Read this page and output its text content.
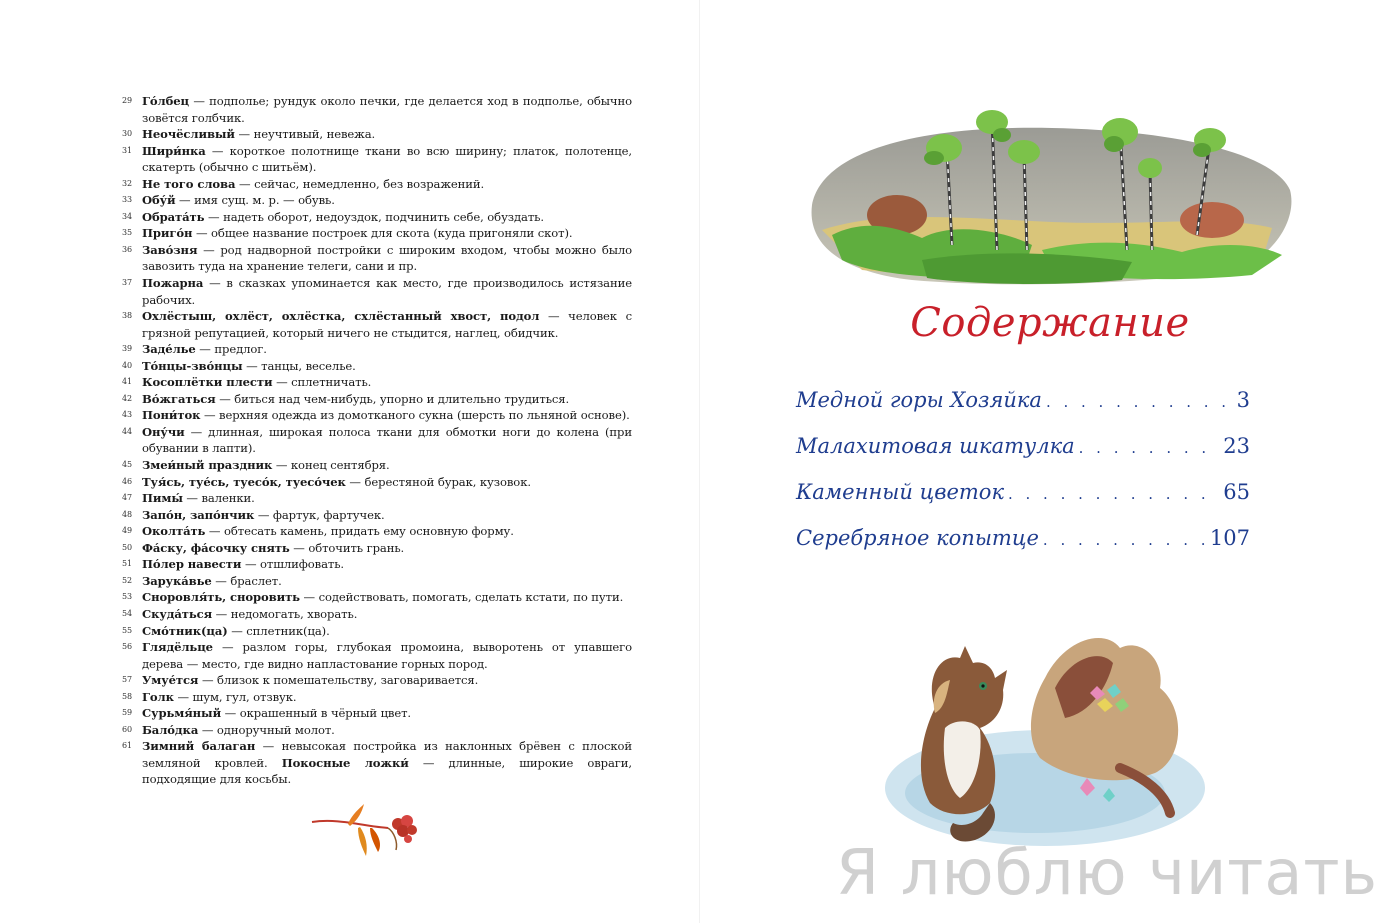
29 Го́лбец — подполье; рундук около печки, где делается ход в подполье, обычно зовётся голбчик.
30 Неочёсливый — неучтивый, невежа.
31 Шири́нка — короткое полотнище ткани во всю ширину; платок, полотенце, скатерть (обычно с шитьём).
32 Не того слова — сейчас, немедленно, без возражений.
33 Обу́й — имя сущ. м. р. — обувь.
34 Обрата́ть — надеть оборот, недоуздок, подчинить себе, обуздать.
35 Приго́н — общее название построек для скота (куда пригоняли скот).
36 Заво́зня — род надворной постройки с широким входом, чтобы можно было завозить туда на хранение телеги, сани и пр.
37 Пожарна — в сказках упоминается как место, где производилось истязание рабочих.
38 Охлёстыш, охлёст, охлёстка, схлёстанный хвост, подол — человек с грязной репутацией, который ничего не стыдится, наглец, обидчик.
39 Заде́лье — предлог.
40 То́нцы-зво́нцы — танцы, веселье.
41 Косоплётки плести — сплетничать.
42 Во́жгаться — биться над чем-нибудь, упорно и длительно трудиться.
43 Пони́ток — верхняя одежда из домотканого сукна (шерсть по льняной основе).
44 Ону́чи — длинная, широкая полоса ткани для обмотки ноги до колена (при обувании в лапти).
45 Змеи́ный праздник — конец сентября.
46 Туя́сь, туе́сь, туесо́к, туесо́чек — берестяной бурак, кузовок.
47 Пимы́ — валенки.
48 Запо́н, запо́нчик — фартук, фартучек.
49 Околта́ть — обтесать камень, придать ему основную форму.
50 Фа́ску, фа́сочку снять — обточить грань.
51 По́лер навести — отшлифовать.
52 Зарука́вье — браслет.
53 Сноровля́ть, сноровить — содействовать, помогать, сделать кстати, по пути.
54 Скуда́ться — недомогать, хворать.
55 Смо́тник(ца) — сплетник(ца).
56 Глядёльце — разлом горы, глубокая промоина, выворотень от упавшего дерева — место, где видно напластование горных пород.
57 Умуе́тся — близок к помешательству, заговаривается.
58 Голк — шум, гул, отзвук.
59 Сурьмя́ный — окрашенный в чёрный цвет.
60 Бало́дка — одноручный молот.
61 Зимний балаган — невысокая постройка из наклонных брёвен с плоской земляной кровлей. Покосные ложки́ — длинные, широкие овраги, подходящие для косьбы.
Содержание
Медной горы Хозяйка . . .	3
Малахитовая шкатулка . . .	23
Каменный цветок . . .	65
Серебряное копытце . . .	107
Я люблю читать
